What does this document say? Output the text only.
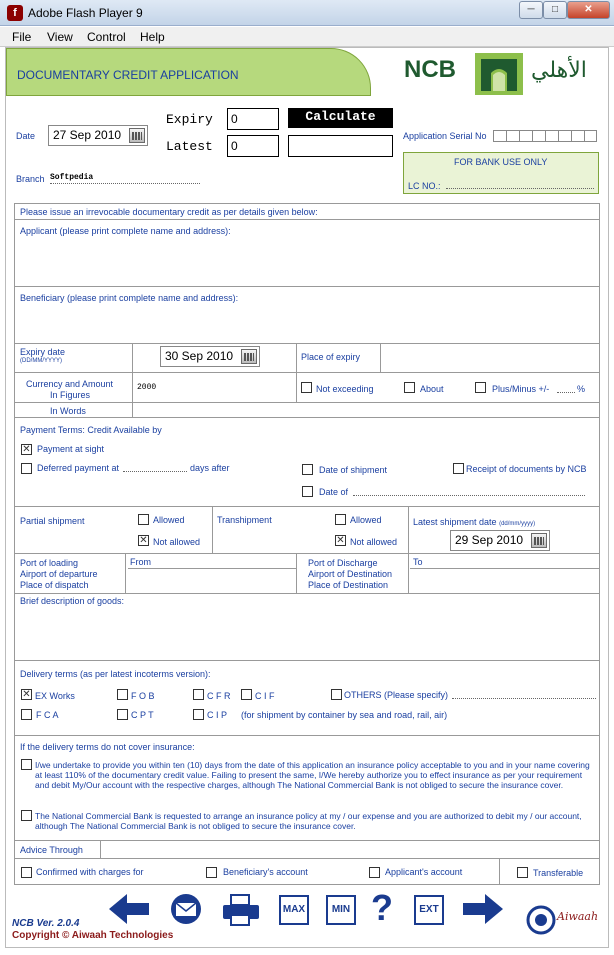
f Adobe Flash Player 9	─	□	✕
File View Control Help
DOCUMENTARY CREDIT APPLICATION	NCB	الأهلي
Date	27 Sep 2010
Expiry	0	Calculate
Latest	0
Application Serial No
FOR BANK USE ONLY
LC NO.:
Branch Softpedia
Please issue an irrevocable documentary credit as per details given below:
Applicant (please print complete name and address):
Beneficiary (please print complete name and address):
Expiry date
(DD/MM/YYYY)	30 Sep 2010	Place of expiry
Currency and Amount
In Figures
2000	Not exceeding	About	Plus/Minus +/-	%
In Words
Payment Terms: Credit Available by
✕ Payment at sight
Deferred payment at	days after	Date of shipment	Receipt of documents by NCB
Date of
Partial shipment	Allowed
✕ Not allowed
Transhipment	Allowed
✕ Not allowed
Latest shipment date (dd/mm/yyyy)
29 Sep 2010
Port of loading
Airport of departure
Place of dispatch
From	Port of Discharge
Airport of Destination
Place of Destination
To
Brief description of goods:
Delivery terms (as per latest incoterms version):
✕ EX Works	F O B	C F R	C I F	OTHERS (Please specify)
F C A	C P T	C I P (for shipment by container by sea and road, rail, air)
If the delivery terms do not cover insurance:
I/we undertake to provide you within ten (10) days from the date of this application an insurance policy acceptable to you and in your name covering at least 110% of the documentary credit value. Failing to present the same, I/We hereby authorize you to effect insurance as per your requirement and debit My/Our account with the respective charges, although The National Commercial Bank is not obliged to secure the insurance cover.
The National Commercial Bank is requested to arrange an insurance policy at my / our expense and you are authorized to debit my / our account, although The National Commercial Bank is not obliged to secure the insurance cover.
Advice Through
Confirmed with charges for	Beneficiary's account	Applicant's account	Transferable
MAX	MIN ?	EXT
NCB Ver. 2.0.4
Copyright © Aiwaah Technologies
Aiwaah
